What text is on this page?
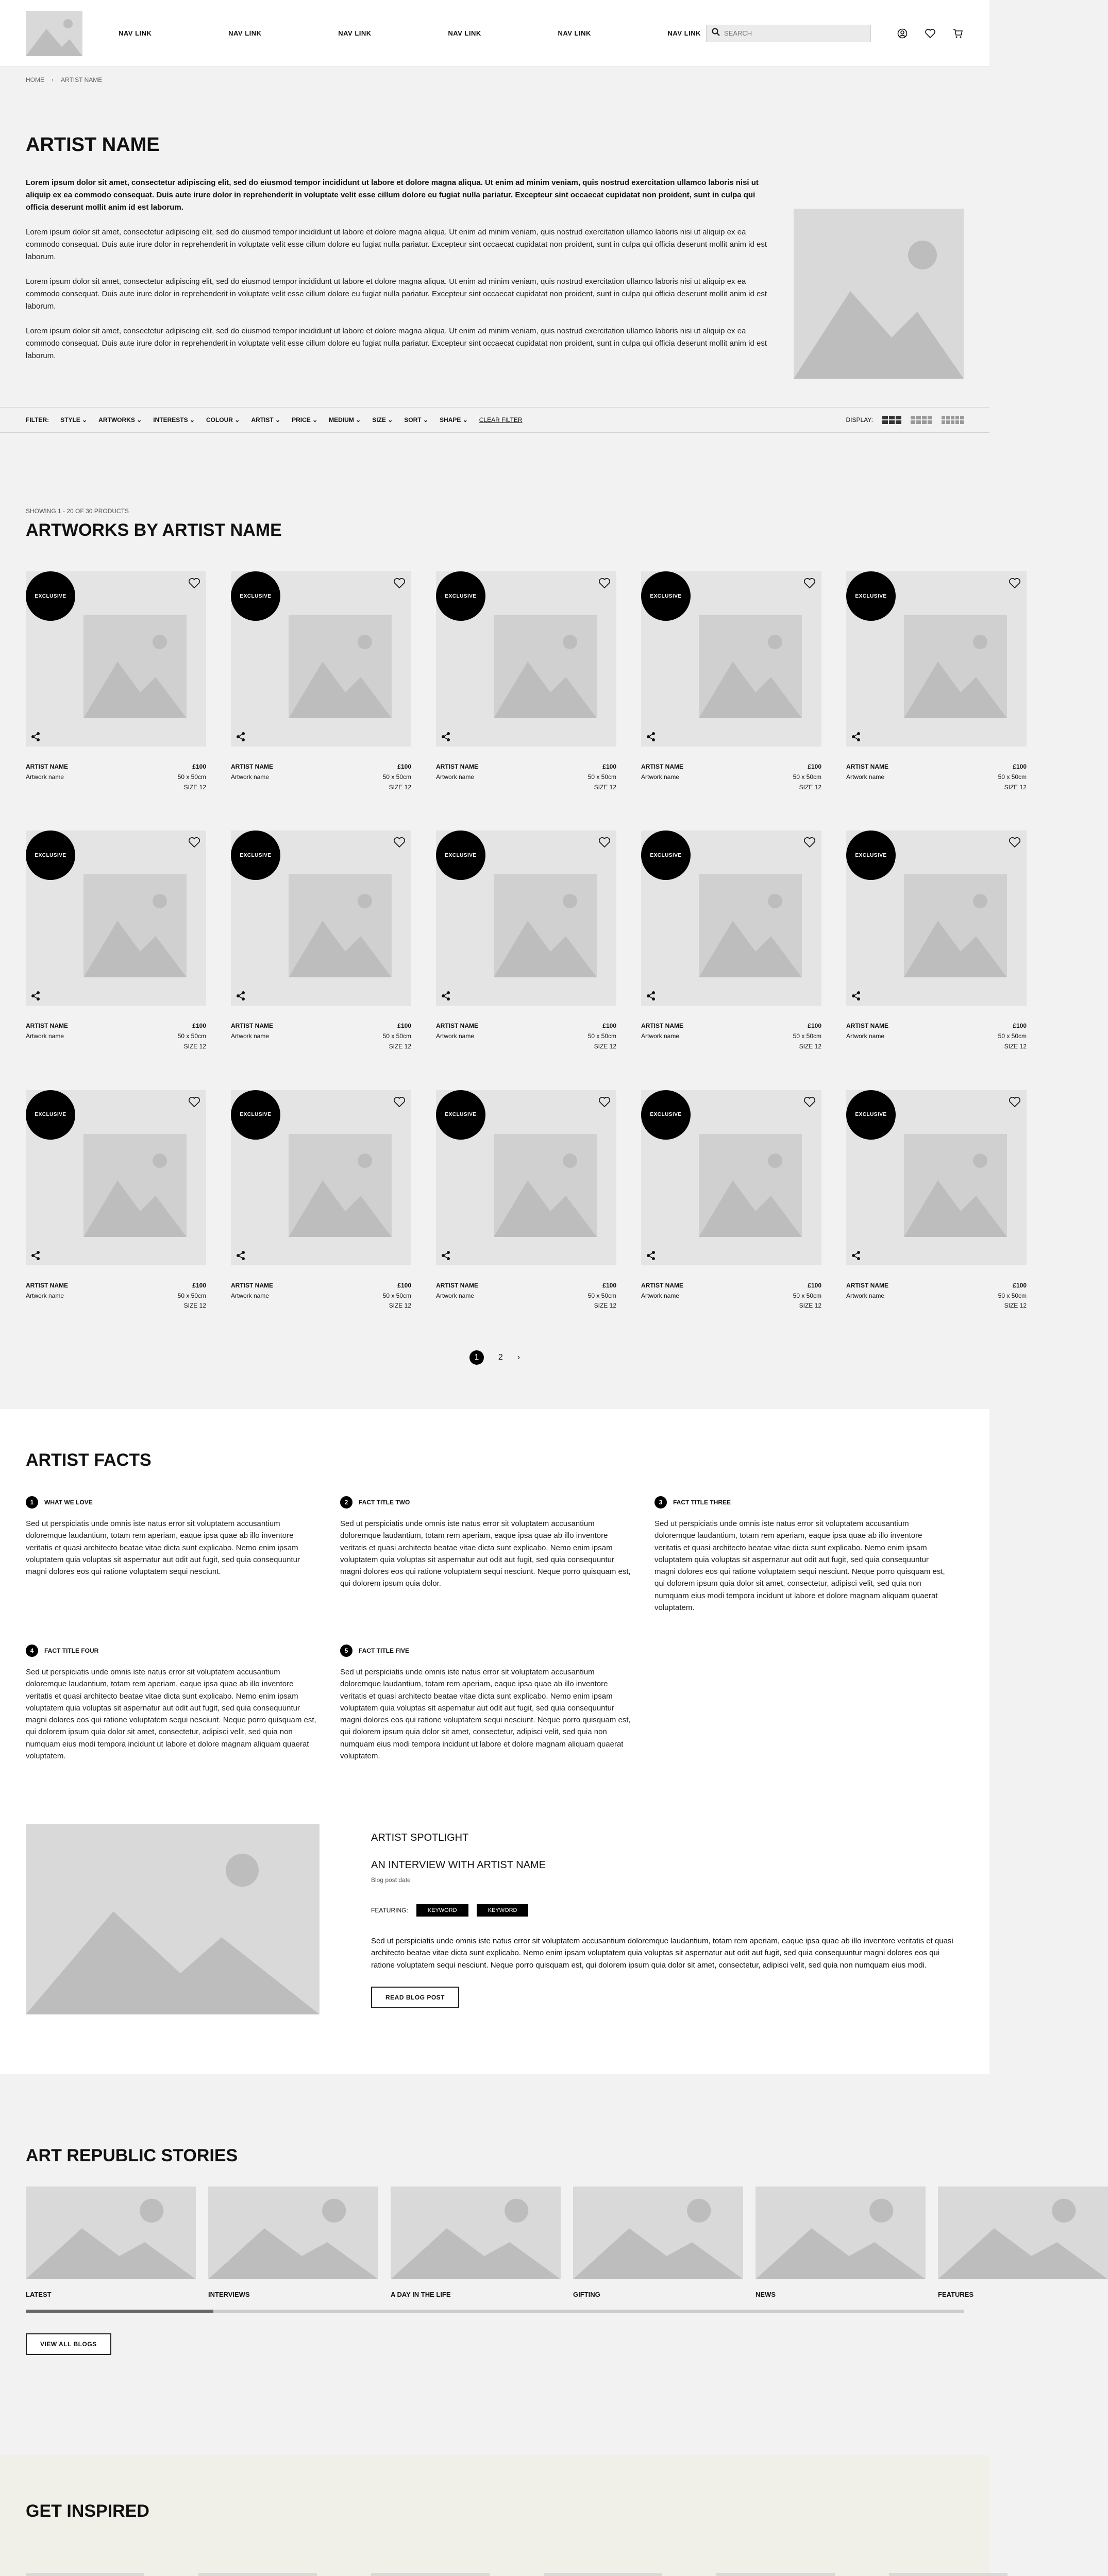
NAV LINK	NAV LINK	NAV LINK	NAV LINK	NAV LINK	NAV LINK
SEARCH
HOME › ARTIST NAME
ARTIST NAME

Lorem ipsum dolor sit amet, consectetur adipiscing elit, sed do eiusmod tempor incididunt ut labore et dolore magna aliqua. Ut enim ad minim veniam, quis nostrud exercitation ullamco laboris nisi ut aliquip ex ea commodo consequat. Duis aute irure dolor in reprehenderit in voluptate velit esse cillum dolore eu fugiat nulla pariatur. Excepteur sint occaecat cupidatat non proident, sunt in culpa qui officia deserunt mollit anim id est laborum.

Lorem ipsum dolor sit amet, consectetur adipiscing elit, sed do eiusmod tempor incididunt ut labore et dolore magna aliqua. Ut enim ad minim veniam, quis nostrud exercitation ullamco laboris nisi ut aliquip ex ea commodo consequat. Duis aute irure dolor in reprehenderit in voluptate velit esse cillum dolore eu fugiat nulla pariatur. Excepteur sint occaecat cupidatat non proident, sunt in culpa qui officia deserunt mollit anim id est laborum.

Lorem ipsum dolor sit amet, consectetur adipiscing elit, sed do eiusmod tempor incididunt ut labore et dolore magna aliqua. Ut enim ad minim veniam, quis nostrud exercitation ullamco laboris nisi ut aliquip ex ea commodo consequat. Duis aute irure dolor in reprehenderit in voluptate velit esse cillum dolore eu fugiat nulla pariatur. Excepteur sint occaecat cupidatat non proident, sunt in culpa qui officia deserunt mollit anim id est laborum.

Lorem ipsum dolor sit amet, consectetur adipiscing elit, sed do eiusmod tempor incididunt ut labore et dolore magna aliqua. Ut enim ad minim veniam, quis nostrud exercitation ullamco laboris nisi ut aliquip ex ea commodo consequat. Duis aute irure dolor in reprehenderit in voluptate velit esse cillum dolore eu fugiat nulla pariatur. Excepteur sint occaecat cupidatat non proident, sunt in culpa qui officia deserunt mollit anim id est laborum.

FILTER: STYLE ⌄ ARTWORKS ⌄ INTERESTS ⌄ COLOUR ⌄ ARTIST ⌄ PRICE ⌄ MEDIUM ⌄ SIZE ⌄ SORT ⌄ SHAPE ⌄ CLEAR FILTER	DISPLAY:
SHOWING 1 - 20 OF 30 PRODUCTS
ARTWORKS BY ARTIST NAME
EXCLUSIVE
ARTIST NAME
Artwork name
£100
50 x 50cm
SIZE 12
EXCLUSIVE
ARTIST NAME
Artwork name
£100
50 x 50cm
SIZE 12
EXCLUSIVE
ARTIST NAME
Artwork name
£100
50 x 50cm
SIZE 12
EXCLUSIVE
ARTIST NAME
Artwork name
£100
50 x 50cm
SIZE 12
EXCLUSIVE
ARTIST NAME
Artwork name
£100
50 x 50cm
SIZE 12
EXCLUSIVE
ARTIST NAME
Artwork name
£100
50 x 50cm
SIZE 12
EXCLUSIVE
ARTIST NAME
Artwork name
£100
50 x 50cm
SIZE 12
EXCLUSIVE
ARTIST NAME
Artwork name
£100
50 x 50cm
SIZE 12
EXCLUSIVE
ARTIST NAME
Artwork name
£100
50 x 50cm
SIZE 12
EXCLUSIVE
ARTIST NAME
Artwork name
£100
50 x 50cm
SIZE 12
EXCLUSIVE
ARTIST NAME
Artwork name
£100
50 x 50cm
SIZE 12
EXCLUSIVE
ARTIST NAME
Artwork name
£100
50 x 50cm
SIZE 12
EXCLUSIVE
ARTIST NAME
Artwork name
£100
50 x 50cm
SIZE 12
EXCLUSIVE
ARTIST NAME
Artwork name
£100
50 x 50cm
SIZE 12
EXCLUSIVE
ARTIST NAME
Artwork name
£100
50 x 50cm
SIZE 12
1	2 ›
ARTIST FACTS
1	WHAT WE LOVE

Sed ut perspiciatis unde omnis iste natus error sit voluptatem accusantium doloremque laudantium, totam rem aperiam, eaque ipsa quae ab illo inventore veritatis et quasi architecto beatae vitae dicta sunt explicabo. Nemo enim ipsam voluptatem quia voluptas sit aspernatur aut odit aut fugit, sed quia consequuntur magni dolores eos qui ratione voluptatem sequi nesciunt.

2	FACT TITLE TWO

Sed ut perspiciatis unde omnis iste natus error sit voluptatem accusantium doloremque laudantium, totam rem aperiam, eaque ipsa quae ab illo inventore veritatis et quasi architecto beatae vitae dicta sunt explicabo. Nemo enim ipsam voluptatem quia voluptas sit aspernatur aut odit aut fugit, sed quia consequuntur magni dolores eos qui ratione voluptatem sequi nesciunt. Neque porro quisquam est, qui dolorem ipsum quia dolor.

3	FACT TITLE THREE

Sed ut perspiciatis unde omnis iste natus error sit voluptatem accusantium doloremque laudantium, totam rem aperiam, eaque ipsa quae ab illo inventore veritatis et quasi architecto beatae vitae dicta sunt explicabo. Nemo enim ipsam voluptatem quia voluptas sit aspernatur aut odit aut fugit, sed quia consequuntur magni dolores eos qui ratione voluptatem sequi nesciunt. Neque porro quisquam est, qui dolorem ipsum quia dolor sit amet, consectetur, adipisci velit, sed quia non numquam eius modi tempora incidunt ut labore et dolore magnam aliquam quaerat voluptatem.

4	FACT TITLE FOUR

Sed ut perspiciatis unde omnis iste natus error sit voluptatem accusantium doloremque laudantium, totam rem aperiam, eaque ipsa quae ab illo inventore veritatis et quasi architecto beatae vitae dicta sunt explicabo. Nemo enim ipsam voluptatem quia voluptas sit aspernatur aut odit aut fugit, sed quia consequuntur magni dolores eos qui ratione voluptatem sequi nesciunt. Neque porro quisquam est, qui dolorem ipsum quia dolor sit amet, consectetur, adipisci velit, sed quia non numquam eius modi tempora incidunt ut labore et dolore magnam aliquam quaerat voluptatem.

5	FACT TITLE FIVE

Sed ut perspiciatis unde omnis iste natus error sit voluptatem accusantium doloremque laudantium, totam rem aperiam, eaque ipsa quae ab illo inventore veritatis et quasi architecto beatae vitae dicta sunt explicabo. Nemo enim ipsam voluptatem quia voluptas sit aspernatur aut odit aut fugit, sed quia consequuntur magni dolores eos qui ratione voluptatem sequi nesciunt. Neque porro quisquam est, qui dolorem ipsum quia dolor sit amet, consectetur, adipisci velit, sed quia non numquam eius modi tempora incidunt ut labore et dolore magnam aliquam quaerat voluptatem.

ARTIST SPOTLIGHT
AN INTERVIEW WITH ARTIST NAME
Blog post date
FEATURING:	KEYWORD	KEYWORD

Sed ut perspiciatis unde omnis iste natus error sit voluptatem accusantium doloremque laudantium, totam rem aperiam, eaque ipsa quae ab illo inventore veritatis et quasi architecto beatae vitae dicta sunt explicabo. Nemo enim ipsam voluptatem quia voluptas sit aspernatur aut odit aut fugit, sed quia consequuntur magni dolores eos qui ratione voluptatem sequi nesciunt. Neque porro quisquam est, qui dolorem ipsum quia dolor sit amet, consectetur, adipisci velit, sed quia non numquam eius modi.

READ BLOG POST
ART REPUBLIC STORIES
LATEST	INTERVIEWS	A DAY IN THE LIFE	GIFTING	NEWS	FEATURES
VIEW ALL BLOGS
GET INSPIRED
